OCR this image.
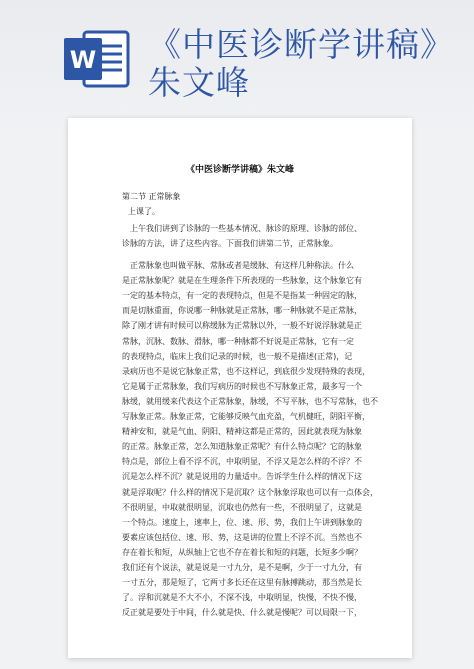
W 《中医诊断学讲稿》朱文峰

《中医诊断学讲稿》朱文峰

第二节 正常脉象

上课了。

上午我们讲到了诊脉的一些基本情况、脉诊的原理、诊脉的部位、

诊脉的方法，讲了这些内容。下面我们讲第二节，正常脉象。

正常脉象也叫做平脉、常脉或者是缓脉、有这样几种称法。什么

是正常脉象呢？就是在生理条件下所表现的一些脉象，这个脉象它有

一定的基本特点，有一定的表现特点，但是不是指某一种固定的脉，

而是切脉重面，你说哪一种脉就是正常脉，哪一种脉就不是正常脉，

除了刚才讲有时候可以称缓脉为正常脉以外，一般不好说浮脉就是正

常脉，沉脉、数脉、滑脉，哪一种脉都不好说是正常脉，它有一定

的表现特点，临床上我们记录的时候，也一般不是描述(正常)，记

录病历也不是说它脉象正常，也不这样记，到底很少发现特殊的表现，

它是属于正常脉象，我们写病历的时候也不写脉象正常，最多写一个

脉缓，就用缓来代表这个正常脉象，脉缓，不写平脉，也不写常脉，也不

写脉象正常。脉象正常，它能够反映气血充盈，气机健旺，阴阳平衡，

精神安和，就是气血、阴阳、精神这都是正常的，因此就表现为脉象

的正常。脉象正常，怎么知道脉象正常呢？有什么特点呢？它的脉象

特点是，部位上看不浮不沉，中取明显，不浮又是怎么样的不浮？不

沉是怎么样不沉？就是说用的力量适中。告诉学生什么样的情况下这

就是浮取呢？什么样的情况下是沉取？这个脉象浮取也可以有一点体会，

不很明显，中取就很明显，沉取也仍然有一些，不很明显了，这就是

一个特点。速度上，速率上，位、速、形、势，我们上午讲到脉象的

要素应该包括位、速、形、势，这是讲的位置上不浮不沉。当然也不

存在着长和短，从纵轴上它也不存在着长和短的问题，长短多少啊？

我们还有个说法，就是说是一寸九分，是不是啊，少于一寸九分，有

一寸五分，那是短了，它两寸多长还在这里有脉搏跳动，那当然是长

了。浮和沉就是不大不小，不深不浅，中取明显，快慢，不快不慢，

反正就是要处于中间，什么就是快、什么就是慢呢？可以局限一下，
